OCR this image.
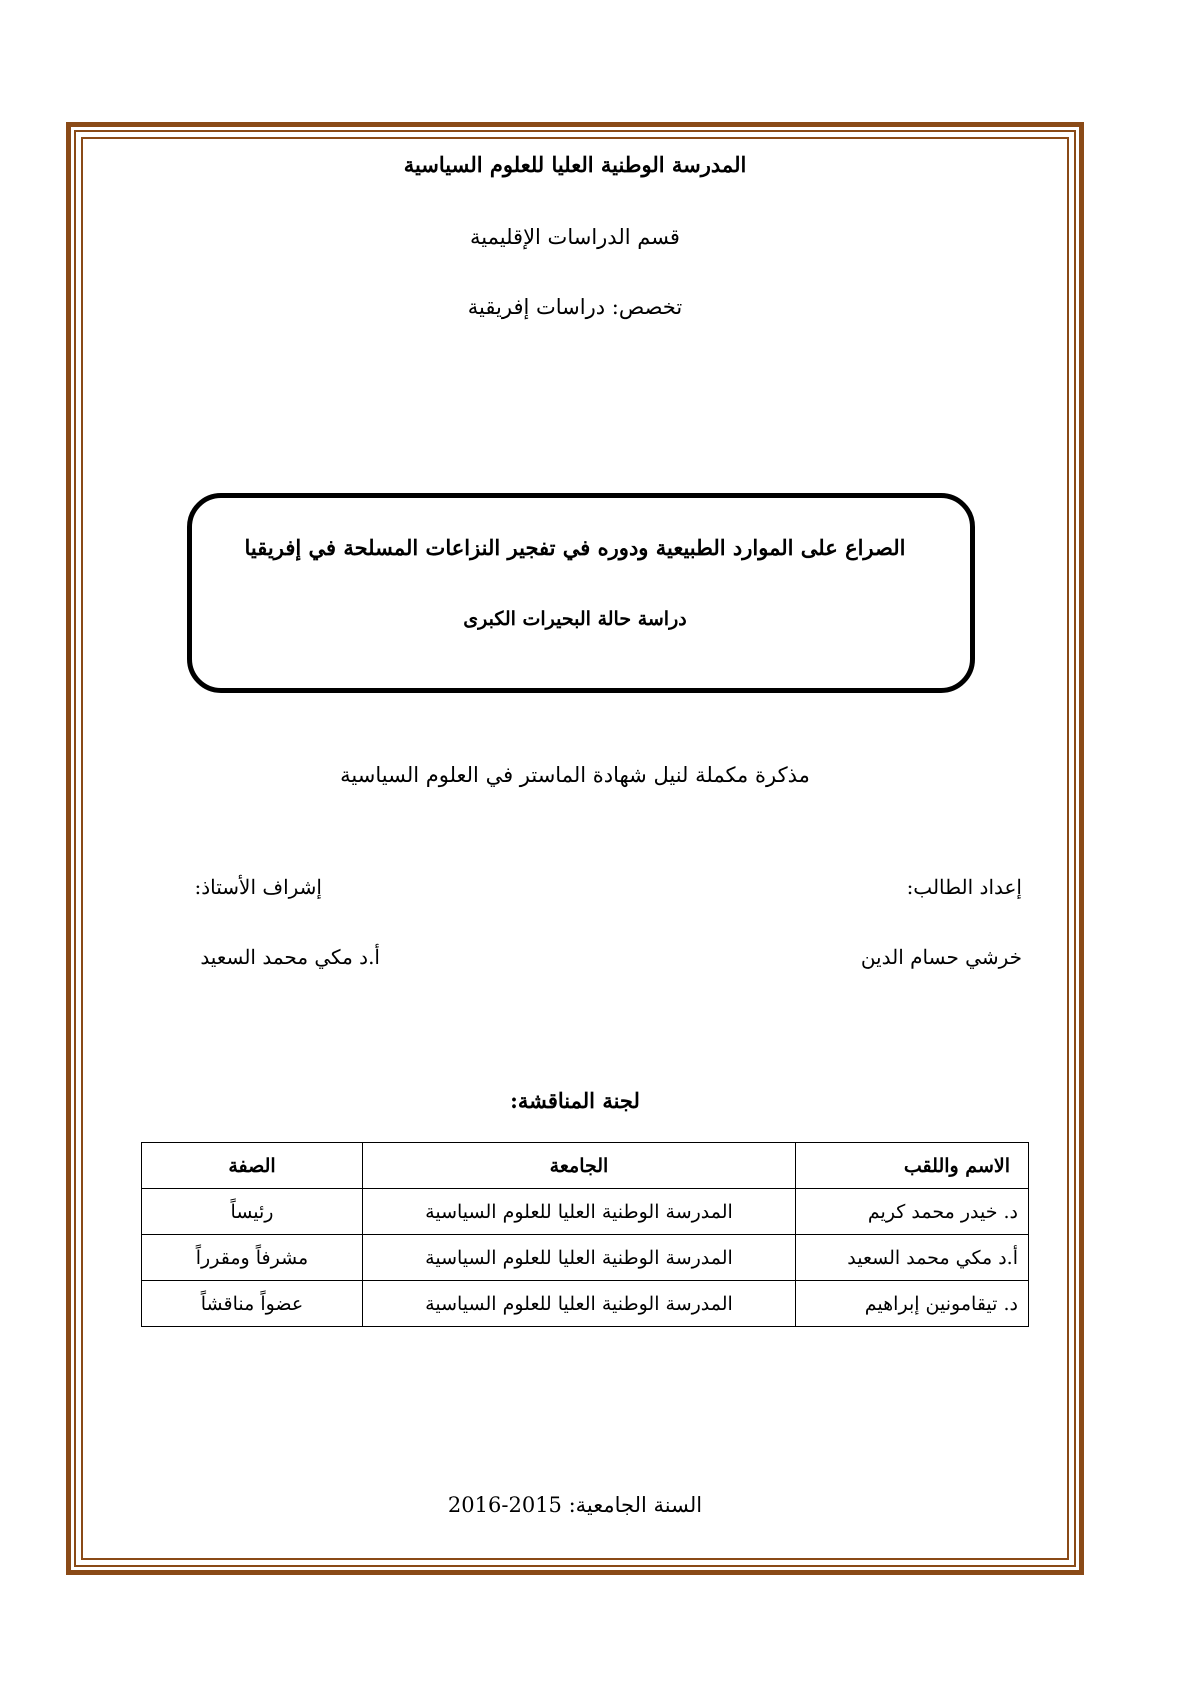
المدرسة الوطنية العليا للعلوم السياسية
قسم الدراسات الإقليمية
تخصص: دراسات إفريقية
الصراع على الموارد الطبيعية ودوره في تفجير النزاعات المسلحة في إفريقيا
دراسة حالة البحيرات الكبرى
مذكرة مكملة لنيل شهادة الماستر في العلوم السياسية
إعداد الطالب:
خرشي حسام الدين
إشراف الأستاذ:
أ.د مكي محمد السعيد
لجنة المناقشة:
الاسم واللقب	الجامعة	الصفة
د. خيدر محمد كريم	المدرسة الوطنية العليا للعلوم السياسية	رئيساً
أ.د مكي محمد السعيد	المدرسة الوطنية العليا للعلوم السياسية	مشرفاً ومقرراً
د. تيقامونين إبراهيم	المدرسة الوطنية العليا للعلوم السياسية	عضواً مناقشاً
السنة الجامعية: 2015-2016
